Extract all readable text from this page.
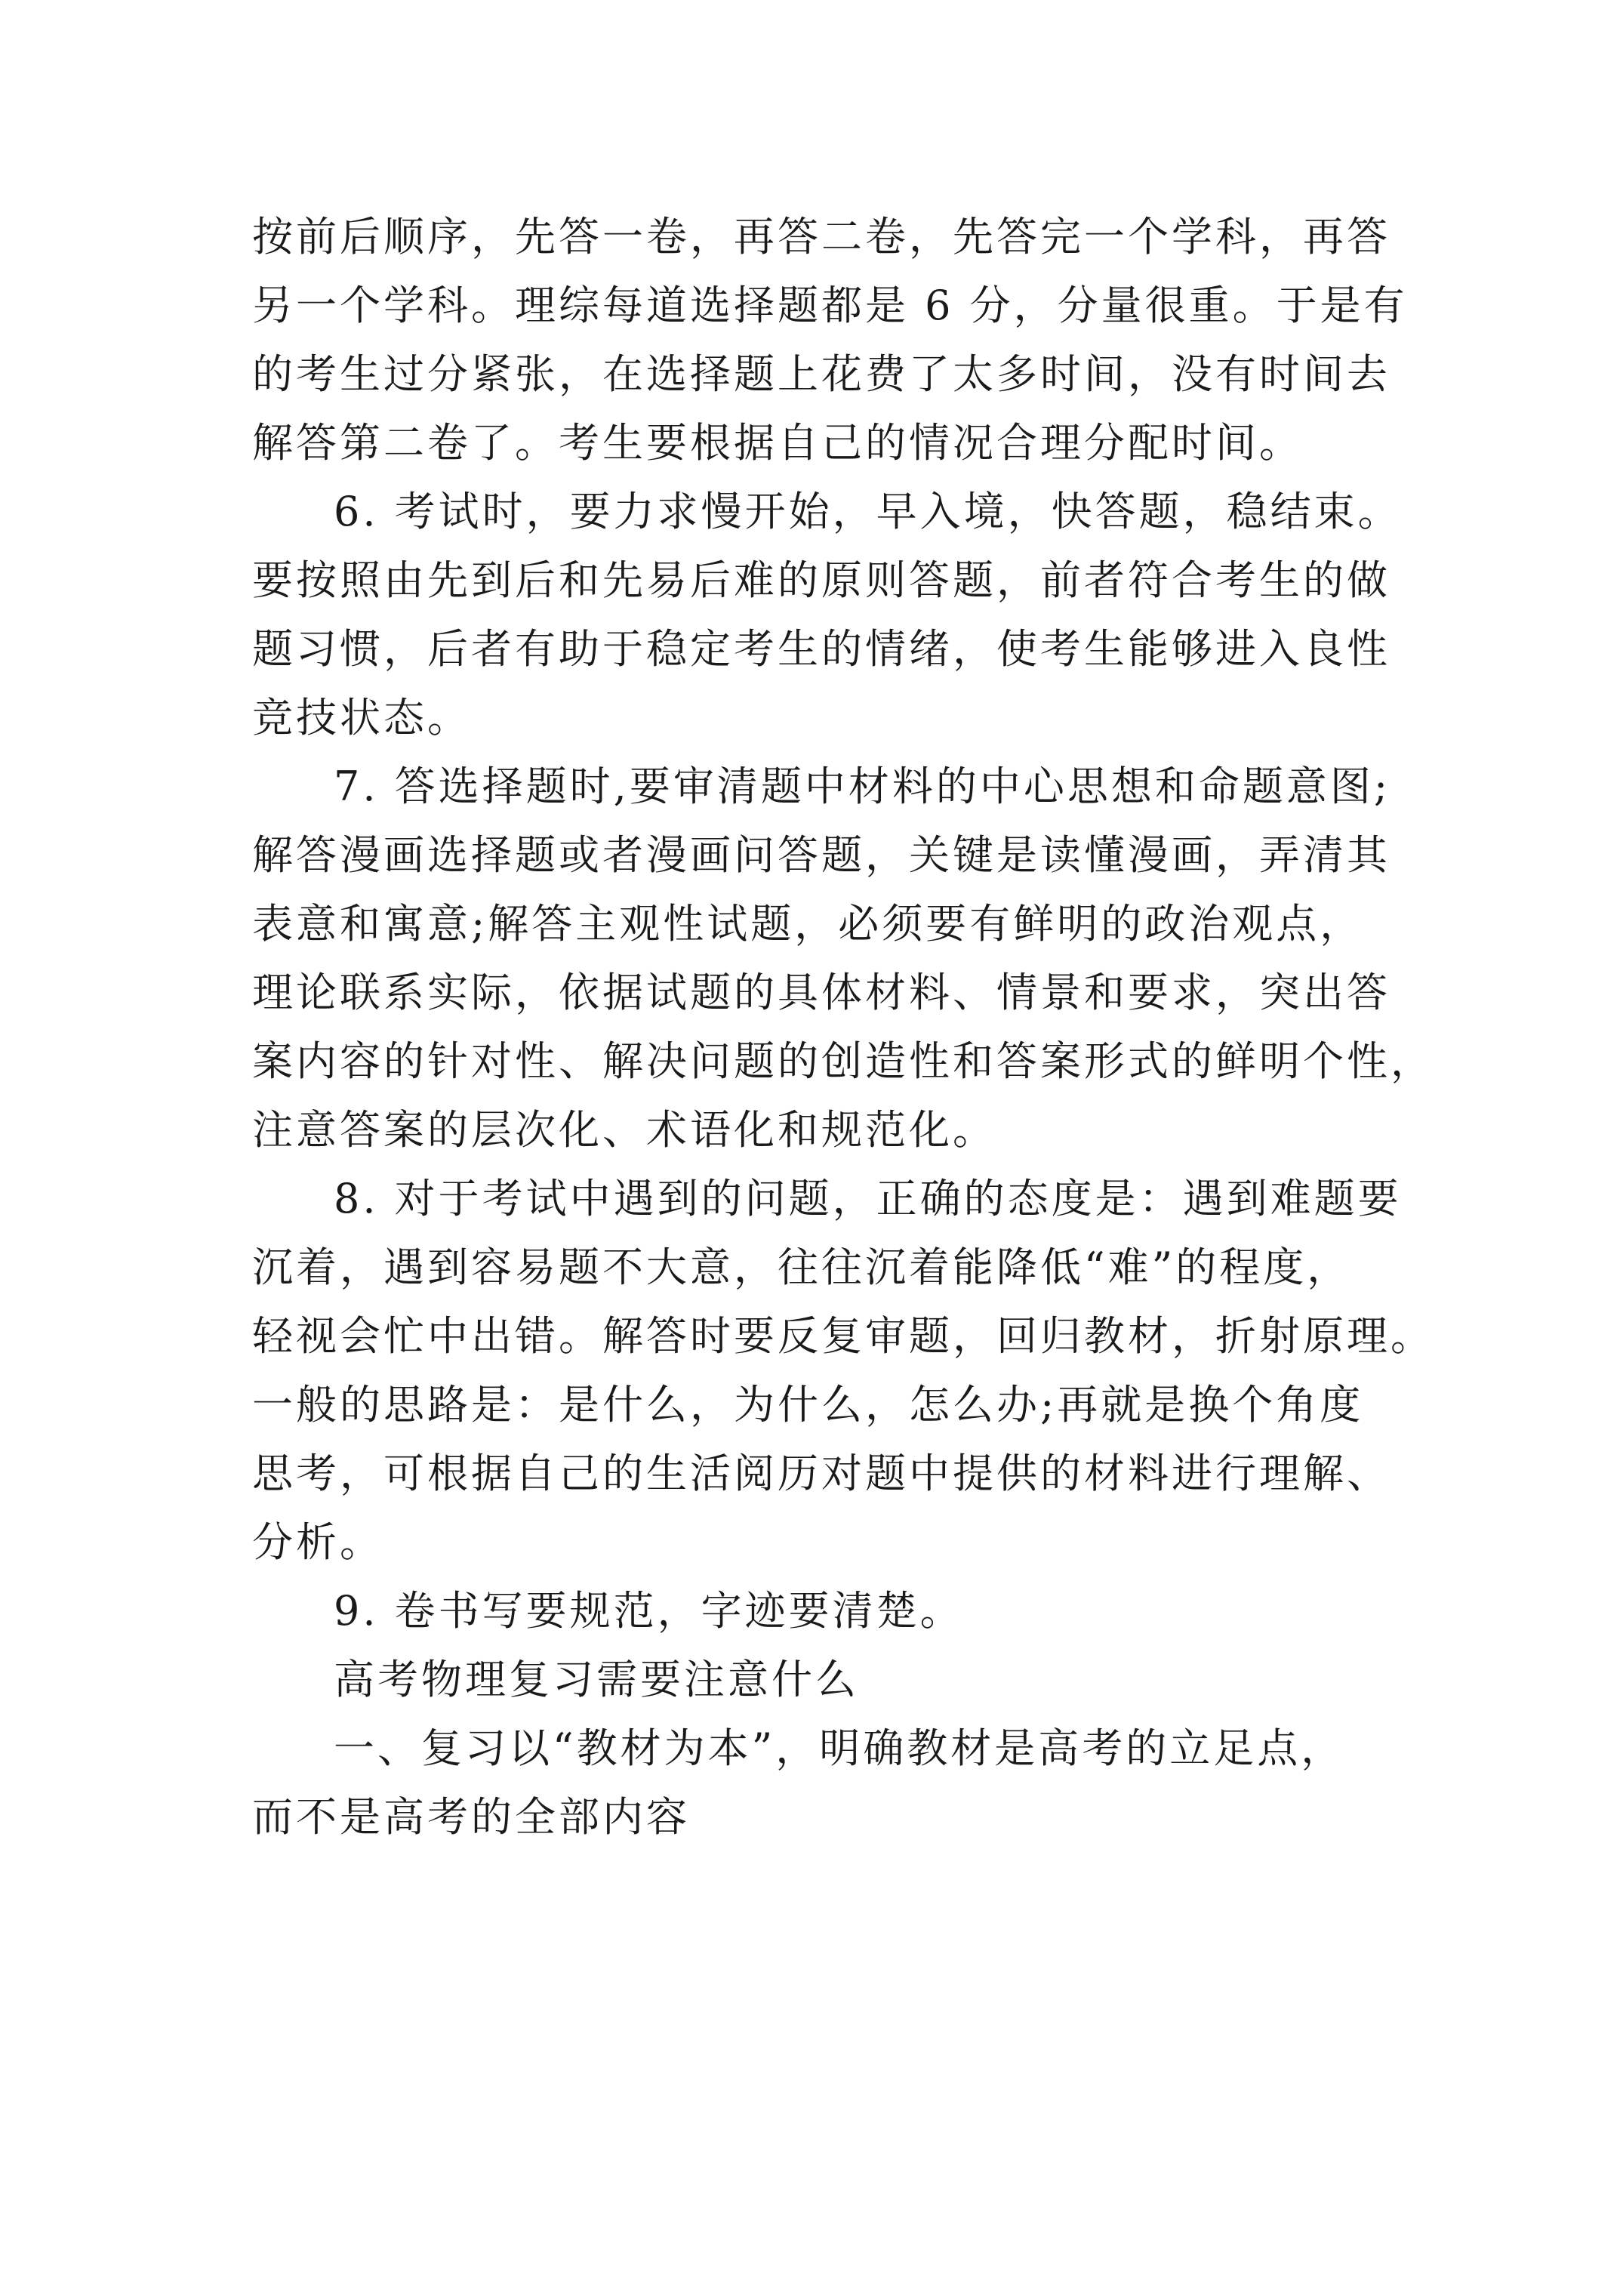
按前后顺序，先答一卷，再答二卷，先答完一个学科，再答
另一个学科。理综每道选择题都是 6 分，分量很重。于是有
的考生过分紧张，在选择题上花费了太多时间，没有时间去
解答第二卷了。考生要根据自己的情况合理分配时间。
6. 考试时，要力求慢开始，早入境，快答题，稳结束。
要按照由先到后和先易后难的原则答题，前者符合考生的做
题习惯，后者有助于稳定考生的情绪，使考生能够进入良性
竞技状态。
7. 答选择题时,要审清题中材料的中心思想和命题意图;
解答漫画选择题或者漫画问答题，关键是读懂漫画，弄清其
表意和寓意;解答主观性试题，必须要有鲜明的政治观点，
理论联系实际，依据试题的具体材料、情景和要求，突出答
案内容的针对性、解决问题的创造性和答案形式的鲜明个性，
注意答案的层次化、术语化和规范化。
8. 对于考试中遇到的问题，正确的态度是：遇到难题要
沉着，遇到容易题不大意，往往沉着能降低“难”的程度，
轻视会忙中出错。解答时要反复审题，回归教材，折射原理。
一般的思路是：是什么，为什么，怎么办;再就是换个角度
思考，可根据自己的生活阅历对题中提供的材料进行理解、
分析。
9. 卷书写要规范，字迹要清楚。
高考物理复习需要注意什么
一、复习以“教材为本”，明确教材是高考的立足点，
而不是高考的全部内容
